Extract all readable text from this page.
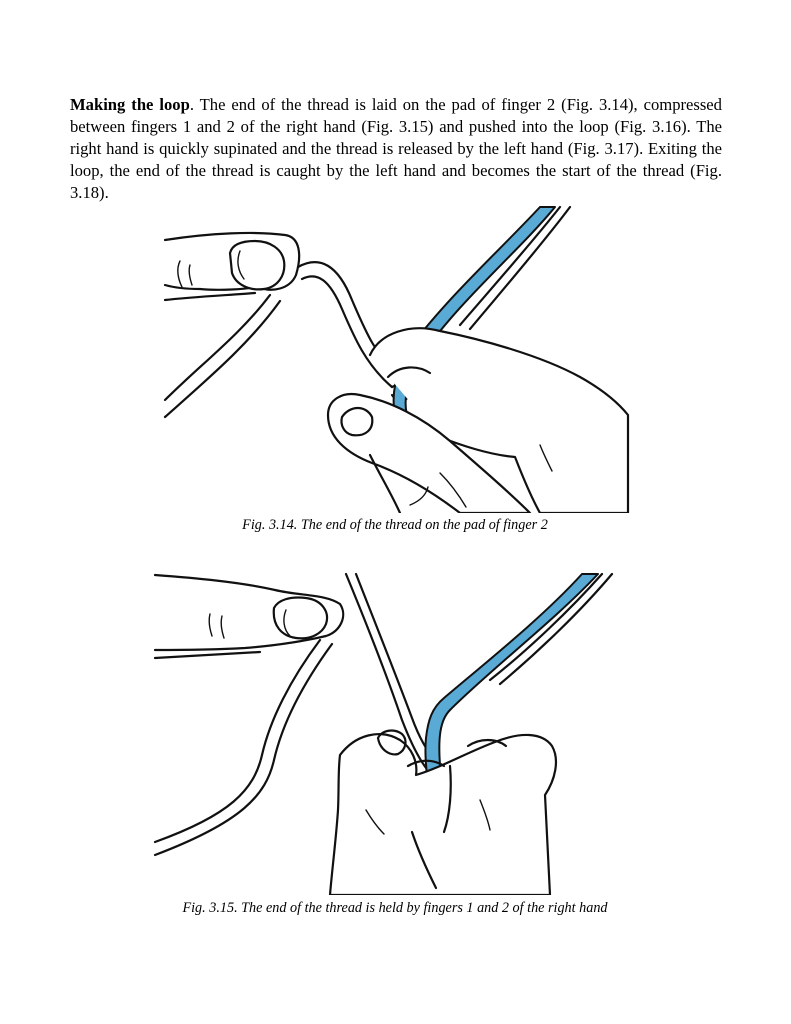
Making the loop. The end of the thread is laid on the pad of finger 2 (Fig. 3.14), compressed between fingers 1 and 2 of the right hand (Fig. 3.15) and pushed into the loop (Fig. 3.16). The right hand is quickly supinated and the thread is released by the left hand (Fig. 3.17). Exiting the loop, the end of the thread is caught by the left hand and becomes the start of the thread (Fig. 3.18).

Fig. 3.14. The end of the thread on the pad of finger 2

Fig. 3.15. The end of the thread is held by fingers 1 and 2 of the right hand
